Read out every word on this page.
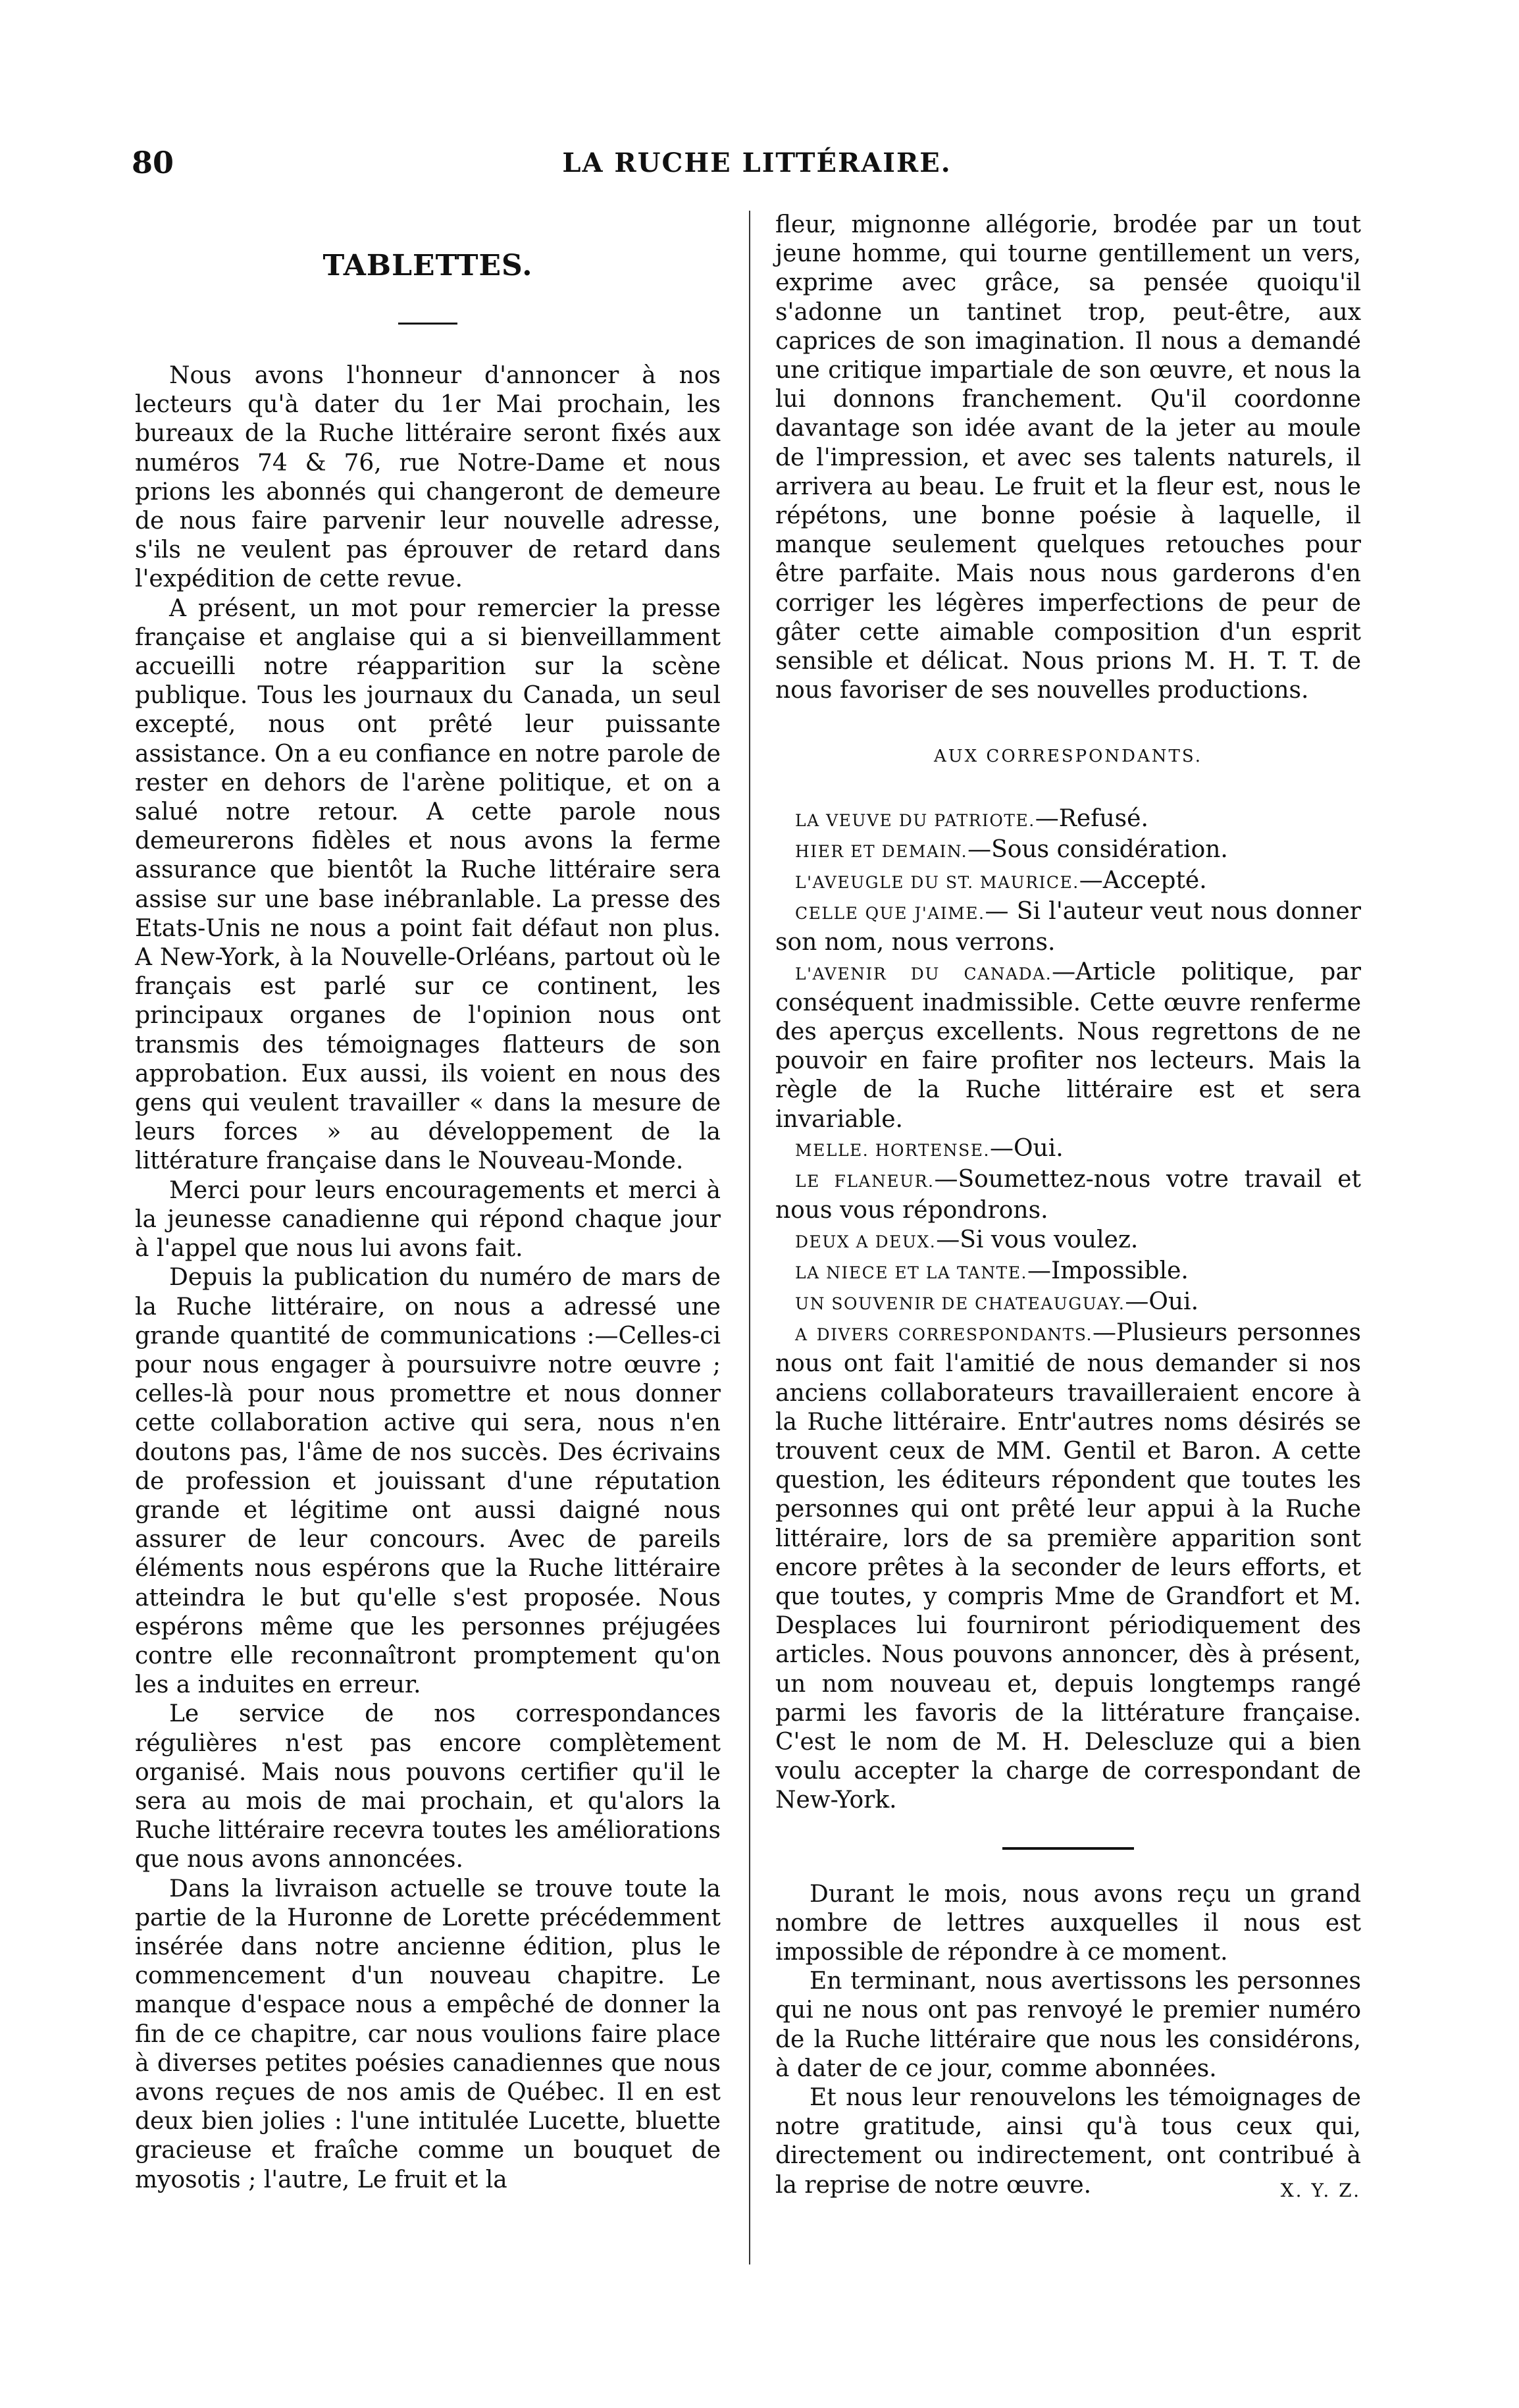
80	LA RUCHE LITTÉRAIRE.
TABLETTES.

Nous avons l'honneur d'annoncer à nos lecteurs qu'à dater du 1er Mai prochain, les bureaux de la Ruche littéraire seront fixés aux numéros 74 & 76, rue Notre-Dame et nous prions les abonnés qui changeront de demeure de nous faire parvenir leur nouvelle adresse, s'ils ne veulent pas éprouver de retard dans l'expédition de cette revue.

A présent, un mot pour remercier la presse française et anglaise qui a si bienveillamment accueilli notre réapparition sur la scène publique. Tous les journaux du Canada, un seul excepté, nous ont prêté leur puissante assistance. On a eu confiance en notre parole de rester en dehors de l'arène politique, et on a salué notre retour. A cette parole nous demeurerons fidèles et nous avons la ferme assurance que bientôt la Ruche littéraire sera assise sur une base inébranlable. La presse des Etats-Unis ne nous a point fait défaut non plus. A New-York, à la Nouvelle-Orléans, partout où le français est parlé sur ce continent, les principaux organes de l'opinion nous ont transmis des témoignages flatteurs de son approbation. Eux aussi, ils voient en nous des gens qui veulent travailler « dans la mesure de leurs forces » au développement de la littérature française dans le Nouveau-Monde.

Merci pour leurs encouragements et merci à la jeunesse canadienne qui répond chaque jour à l'appel que nous lui avons fait.

Depuis la publication du numéro de mars de la Ruche littéraire, on nous a adressé une grande quantité de communications :—Celles-ci pour nous engager à poursuivre notre œuvre ; celles-là pour nous promettre et nous donner cette collaboration active qui sera, nous n'en doutons pas, l'âme de nos succès. Des écrivains de profession et jouissant d'une réputation grande et légitime ont aussi daigné nous assurer de leur concours. Avec de pareils éléments nous espérons que la Ruche littéraire atteindra le but qu'elle s'est proposée. Nous espérons même que les personnes préjugées contre elle reconnaîtront promptement qu'on les a induites en erreur.

Le service de nos correspondances régulières n'est pas encore complètement organisé. Mais nous pouvons certifier qu'il le sera au mois de mai prochain, et qu'alors la Ruche littéraire recevra toutes les améliorations que nous avons annoncées.

Dans la livraison actuelle se trouve toute la partie de la Huronne de Lorette précédemment insérée dans notre ancienne édition, plus le commencement d'un nouveau chapitre. Le manque d'espace nous a empêché de donner la fin de ce chapitre, car nous voulions faire place à diverses petites poésies canadiennes que nous avons reçues de nos amis de Québec. Il en est deux bien jolies : l'une intitulée Lucette, bluette gracieuse et fraîche comme un bouquet de myosotis ; l'autre, Le fruit et la

fleur, mignonne allégorie, brodée par un tout jeune homme, qui tourne gentillement un vers, exprime avec grâce, sa pensée quoiqu'il s'adonne un tantinet trop, peut-être, aux caprices de son imagination. Il nous a demandé une critique impartiale de son œuvre, et nous la lui donnons franchement. Qu'il coordonne davantage son idée avant de la jeter au moule de l'impression, et avec ses talents naturels, il arrivera au beau. Le fruit et la fleur est, nous le répétons, une bonne poésie à laquelle, il manque seulement quelques retouches pour être parfaite. Mais nous nous garderons d'en corriger les légères imperfections de peur de gâter cette aimable composition d'un esprit sensible et délicat. Nous prions M. H. T. T. de nous favoriser de ses nouvelles productions.

AUX CORRESPONDANTS.

LA VEUVE DU PATRIOTE.—Refusé.

HIER ET DEMAIN.—Sous considération.

L'AVEUGLE DU ST. MAURICE.—Accepté.

CELLE QUE J'AIME.— Si l'auteur veut nous donner son nom, nous verrons.

L'AVENIR DU CANADA.—Article politique, par conséquent inadmissible. Cette œuvre renferme des aperçus excellents. Nous regrettons de ne pouvoir en faire profiter nos lecteurs. Mais la règle de la Ruche littéraire est et sera invariable.

MELLE. HORTENSE.—Oui.

LE FLANEUR.—Soumettez-nous votre travail et nous vous répondrons.

DEUX A DEUX.—Si vous voulez.

LA NIECE ET LA TANTE.—Impossible.

UN SOUVENIR DE CHATEAUGUAY.—Oui.

A DIVERS CORRESPONDANTS.—Plusieurs personnes nous ont fait l'amitié de nous demander si nos anciens collaborateurs travailleraient encore à la Ruche littéraire. Entr'autres noms désirés se trouvent ceux de MM. Gentil et Baron. A cette question, les éditeurs répondent que toutes les personnes qui ont prêté leur appui à la Ruche littéraire, lors de sa première apparition sont encore prêtes à la seconder de leurs efforts, et que toutes, y compris Mme de Grandfort et M. Desplaces lui fourniront périodiquement des articles. Nous pouvons annoncer, dès à présent, un nom nouveau et, depuis longtemps rangé parmi les favoris de la littérature française. C'est le nom de M. H. Delescluze qui a bien voulu accepter la charge de correspondant de New-York.

Durant le mois, nous avons reçu un grand nombre de lettres auxquelles il nous est impossible de répondre à ce moment.

En terminant, nous avertissons les personnes qui ne nous ont pas renvoyé le premier numéro de la Ruche littéraire que nous les considérons, à dater de ce jour, comme abonnées.

Et nous leur renouvelons les témoignages de notre gratitude, ainsi qu'à tous ceux qui, directement ou indirectement, ont contribué à la reprise de notre œuvre.	X. Y. Z.
